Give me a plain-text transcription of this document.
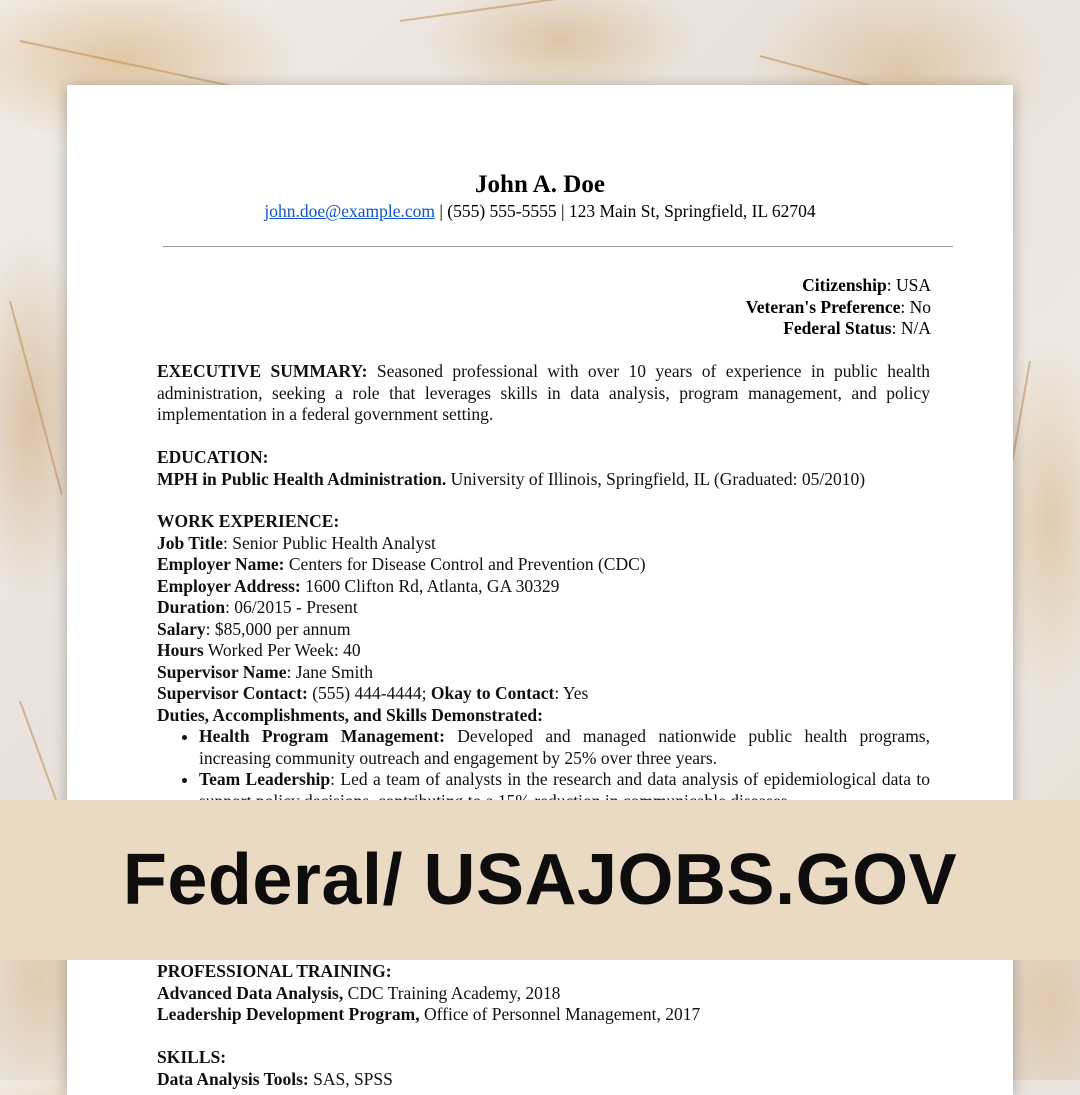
John A. Doe
john.doe@example.com | (555) 555-5555 | 123 Main St, Springfield, IL 62704
Citizenship: USA
Veteran's Preference: No
Federal Status: N/A

EXECUTIVE SUMMARY: Seasoned professional with over 10 years of experience in public health administration, seeking a role that leverages skills in data analysis, program management, and policy implementation in a federal government setting.

EDUCATION:
MPH in Public Health Administration. University of Illinois, Springfield, IL (Graduated: 05/2010)
WORK EXPERIENCE:
Job Title: Senior Public Health Analyst
Employer Name: Centers for Disease Control and Prevention (CDC)
Employer Address: 1600 Clifton Rd, Atlanta, GA 30329
Duration: 06/2015 - Present
Salary: $85,000 per annum
Hours Worked Per Week: 40
Supervisor Name: Jane Smith
Supervisor Contact: (555) 444-4444; Okay to Contact: Yes
Duties, Accomplishments, and Skills Demonstrated:
• Health Program Management: Developed and managed nationwide public health programs, increasing community outreach and engagement by 25% over three years.
• Team Leadership: Led a team of analysts in the research and data analysis of epidemiological data to
PROFESSIONAL TRAINING:
Advanced Data Analysis, CDC Training Academy, 2018
Leadership Development Program, Office of Personnel Management, 2017
SKILLS:
Data Analysis Tools: SAS, SPSS
Federal/ USAJOBS.GOV
